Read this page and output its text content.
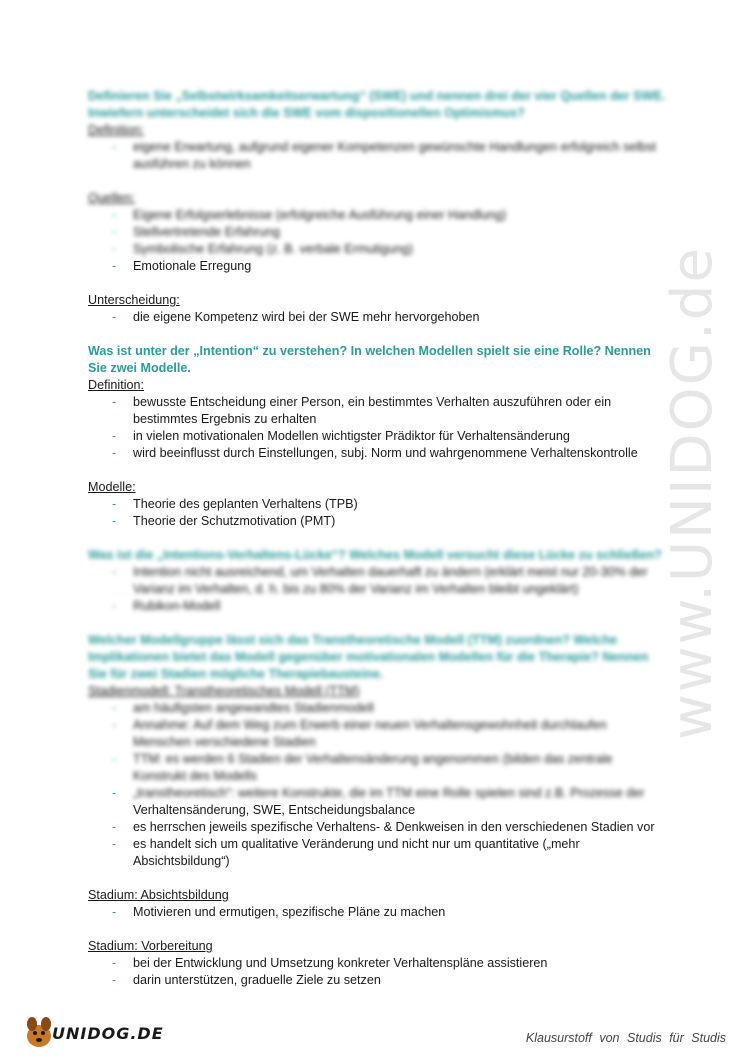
www.UNIDOG.de

Definieren Sie „Selbstwirksamkeitserwartung“ (SWE) und nennen drei der vier Quellen der SWE. Inwiefern unterscheidet sich die SWE vom dispositionellen Optimismus?

Definition:

- eigene Erwartung, aufgrund eigener Kompetenzen gewünschte Handlungen erfolgreich selbst ausführen zu können

Quellen:

- Eigene Erfolgserlebnisse (erfolgreiche Ausführung einer Handlung)
- Stellvertretende Erfahrung
- Symbolische Erfahrung (z. B. verbale Ermutigung)
- Emotionale Erregung

Unterscheidung:

- die eigene Kompetenz wird bei der SWE mehr hervorgehoben

Was ist unter der „Intention“ zu verstehen? In welchen Modellen spielt sie eine Rolle? Nennen Sie zwei Modelle.

Definition:

- bewusste Entscheidung einer Person, ein bestimmtes Verhalten auszuführen oder ein bestimmtes Ergebnis zu erhalten
- in vielen motivationalen Modellen wichtigster Prädiktor für Verhaltensänderung
- wird beeinflusst durch Einstellungen, subj. Norm und wahrgenommene Verhaltenskontrolle

Modelle:

- Theorie des geplanten Verhaltens (TPB)
- Theorie der Schutzmotivation (PMT)

Was ist die „Intentions-Verhaltens-Lücke“? Welches Modell versucht diese Lücke zu schließen?

- Intention nicht ausreichend, um Verhalten dauerhaft zu ändern (erklärt meist nur 20-30% der Varianz im Verhalten, d. h. bis zu 80% der Varianz im Verhalten bleibt ungeklärt)
- Rubikon-Modell

Welcher Modellgruppe lässt sich das Transtheoretische Modell (TTM) zuordnen? Welche Implikationen bietet das Modell gegenüber motivationalen Modellen für die Therapie? Nennen Sie für zwei Stadien mögliche Therapiebausteine.

Stadienmodell: Transtheoretisches Modell (TTM)

- am häufigsten angewandtes Stadienmodell
- Annahme: Auf dem Weg zum Erwerb einer neuen Verhaltensgewohnheit durchlaufen Menschen verschiedene Stadien
- TTM: es werden 6 Stadien der Verhaltensänderung angenommen (bilden das zentrale Konstrukt des Modells
- „transtheoretisch“: weitere Konstrukte, die im TTM eine Rolle spielen sind z.B. Prozesse der
Verhaltensänderung, SWE, Entscheidungsbalance
- es herrschen jeweils spezifische Verhaltens- & Denkweisen in den verschiedenen Stadien vor
- es handelt sich um qualitative Veränderung und nicht nur um quantitative („mehr Absichtsbildung“)

Stadium: Absichtsbildung

- Motivieren und ermutigen, spezifische Pläne zu machen

Stadium: Vorbereitung

- bei der Entwicklung und Umsetzung konkreter Verhaltenspläne assistieren
- darin unterstützen, graduelle Ziele zu setzen
UNIDOG.DE	Klausurstoff von Studis für Studis
